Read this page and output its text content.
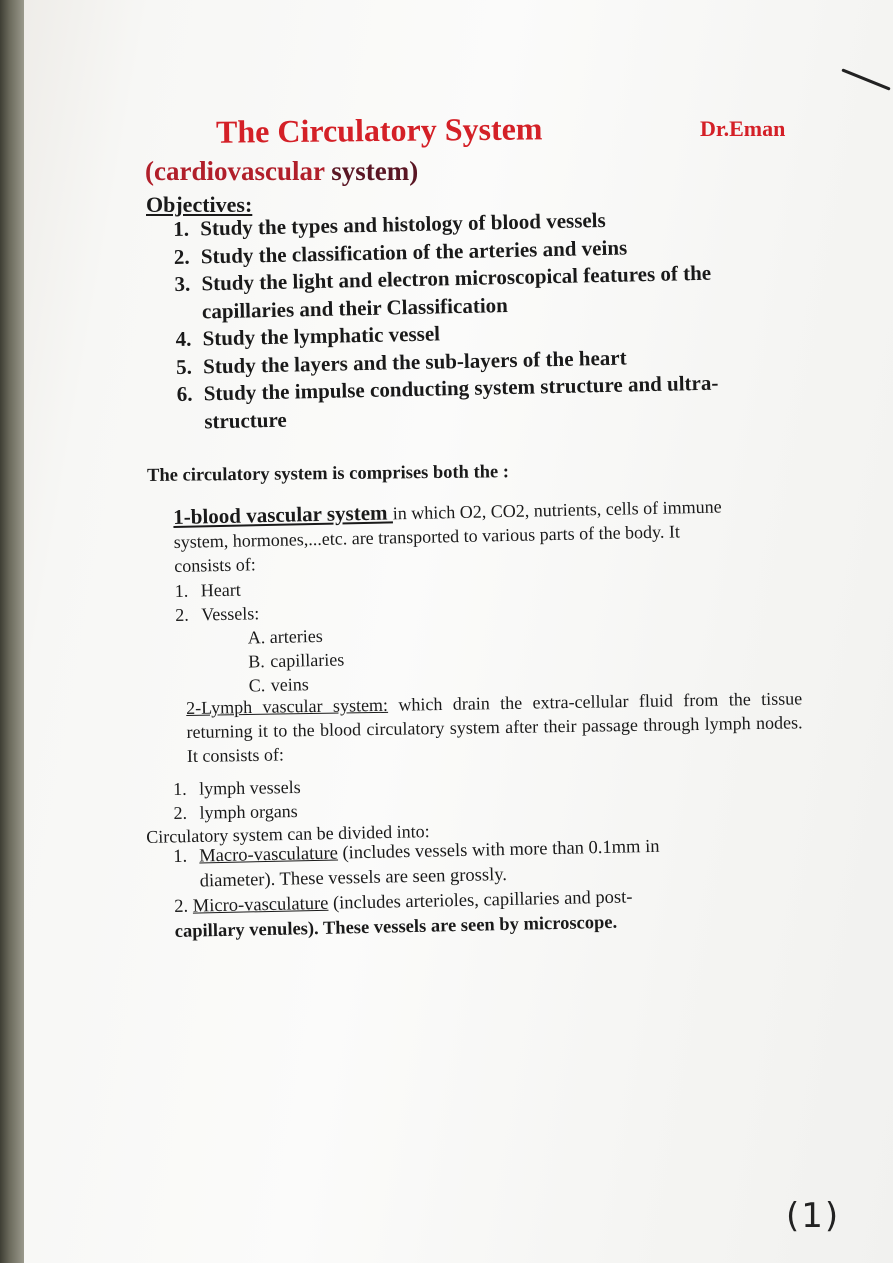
The Circulatory System	Dr.Eman
(cardiovascular system)
Objectives:
1. Study the types and histology of blood vessels
2. Study the classification of the arteries and veins
3. Study the light and electron microscopical features of the
capillaries and their Classification
4. Study the lymphatic vessel
5. Study the layers and the sub-layers of the heart
6. Study the impulse conducting system structure and ultra-
structure
The circulatory system is comprises both the :
1-blood vascular system in which O2, CO2, nutrients, cells of immune
system, hormones,...etc. are transported to various parts of the body. It
consists of:
1. Heart
2. Vessels:
A. arteries
B. capillaries
C. veins
2-Lymph vascular system: which drain the extra-cellular fluid from the tissue returning it to the blood circulatory system after their passage through lymph nodes. It consists of:
1. lymph vessels
2. lymph organs
Circulatory system can be divided into:
1. Macro-vasculature (includes vessels with more than 0.1mm in
diameter). These vessels are seen grossly.
2. Micro-vasculature (includes arterioles, capillaries and post-
capillary venules). These vessels are seen by microscope.
(1)
